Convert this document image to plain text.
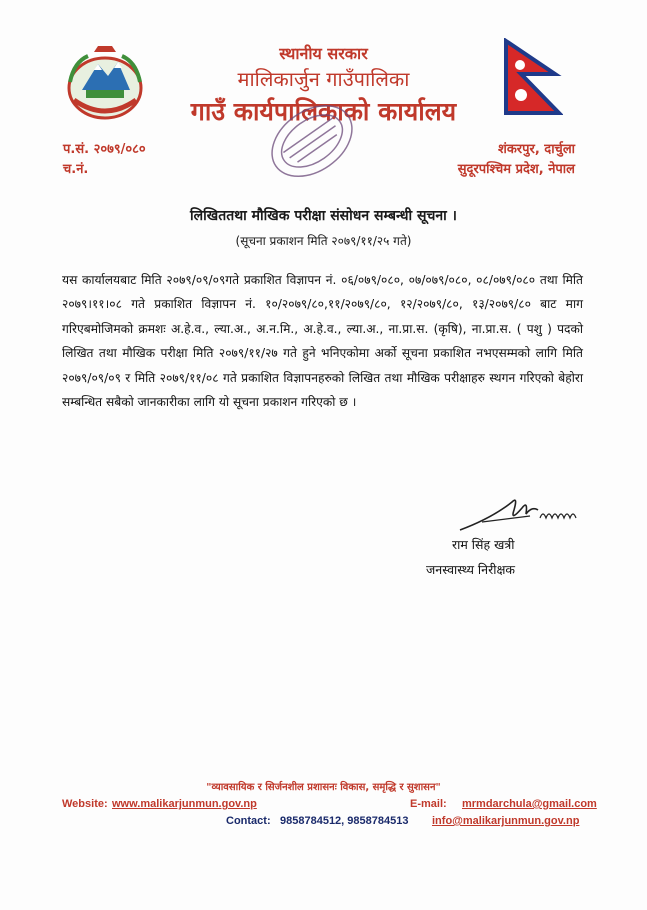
स्थानीय सरकार
मालिकार्जुन गाउँपालिका
गाउँ कार्यपालिकाको कार्यालय
प.सं. २०७९/०८०
च.नं.
शंकरपुर, दार्चुला
सुदूरपश्चिम प्रदेश, नेपाल
लिखिततथा मौखिक परीक्षा संसोधन सम्बन्धी सूचना ।
(सूचना प्रकाशन मिति २०७९/११/२५ गते)
यस कार्यालयबाट मिति २०७९/०९/०९गते प्रकाशित विज्ञापन नं. ०६/०७९/०८०, ०७/०७९/०८०, ०८/०७९/०८० तथा मिति २०७९।११।०८ गते प्रकाशित विज्ञापन नं. १०/२०७९/८०,११/२०७९/८०, १२/२०७९/८०, १३/२०७९/८० बाट माग गरिएबमोजिमको क्रमशः अ.हे.व., ल्या.अ., अ.न.मि., अ.हे.व., ल्या.अ., ना.प्रा.स. (कृषि), ना.प्रा.स. ( पशु ) पदको लिखित तथा मौखिक परीक्षा मिति २०७९/११/२७ गते हुने भनिएकोमा अर्को सूचना प्रकाशित नभएसम्मको लागि मिति २०७९/०९/०९ र मिति २०७९/११/०८ गते प्रकाशित विज्ञापनहरुको लिखित तथा मौखिक परीक्षाहरु स्थगन गरिएको बेहोरा सम्बन्धित सबैको जानकारीका लागि यो सूचना प्रकाशन गरिएको छ ।
राम सिंह खत्री
जनस्वास्थ्य निरीक्षक
"व्यावसायिक र सिर्जनशील प्रशासनः विकास, समृद्धि र सुशासन"
Website: www.malikarjunmun.gov.np	E-mail: mrmdarchula@gmail.com
Contact: 9858784512, 9858784513 info@malikarjunmun.gov.np
